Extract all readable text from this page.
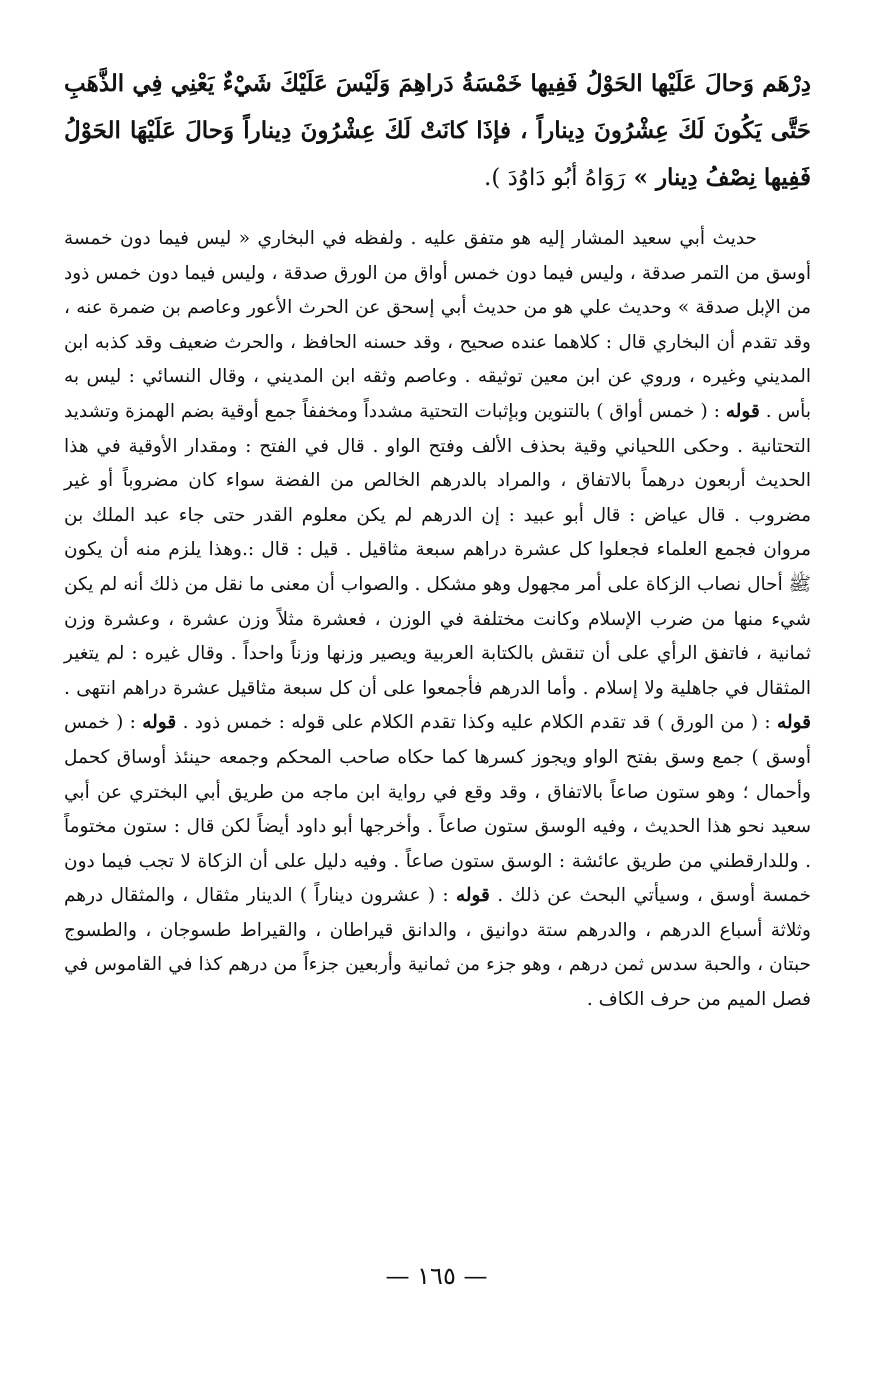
دِرْهَم وَحالَ عَلَيْها الحَوْلُ فَفِيها خَمْسَةُ دَراهِمَ وَلَيْسَ عَلَيْكَ شَيْءٌ يَعْنِي فِي الذَّهَبِ حَتَّى يَكُونَ لَكَ عِشْرُونَ دِيناراً ، فإذَا كانَتْ لَكَ عِشْرُونَ دِيناراً وَحالَ عَلَيْهَا الحَوْلُ فَفِيها نِصْفُ دِينار » رَوَاهُ أبُو دَاوُدَ ).

حديث أبي سعيد المشار إليه هو متفق عليه . ولفظه في البخاري « ليس فيما دون خمسة أوسق من التمر صدقة ، وليس فيما دون خمس أواق من الورق صدقة ، وليس فيما دون خمس ذود من الإبل صدقة » وحديث علي هو من حديث أبي إسحق عن الحرث الأعور وعاصم بن ضمرة عنه ، وقد تقدم أن البخاري قال : كلاهما عنده صحيح ، وقد حسنه الحافظ ، والحرث ضعيف وقد كذبه ابن المديني وغيره ، وروي عن ابن معين توثيقه . وعاصم وثقه ابن المديني ، وقال النسائي : ليس به بأس . قوله : ( خمس أواق ) بالتنوين وبإثبات التحتية مشدداً ومخففاً جمع أوقية بضم الهمزة وتشديد التحتانية . وحكى اللحياني وقية بحذف الألف وفتح الواو . قال في الفتح : ومقدار الأوقية في هذا الحديث أربعون درهماً بالاتفاق ، والمراد بالدرهم الخالص من الفضة سواء كان مضروباً أو غير مضروب . قال عياض : قال أبو عبيد : إن الدرهم لم يكن معلوم القدر حتى جاء عبد الملك بن مروان فجمع العلماء فجعلوا كل عشرة دراهم سبعة مثاقيل . قيل : قال :.وهذا يلزم منه أن يكون ﷺ أحال نصاب الزكاة على أمر مجهول وهو مشكل . والصواب أن معنى ما نقل من ذلك أنه لم يكن شيء منها من ضرب الإسلام وكانت مختلفة في الوزن ، فعشرة مثلاً وزن عشرة ، وعشرة وزن ثمانية ، فاتفق الرأي على أن تنقش بالكتابة العربية ويصير وزنها وزناً واحداً . وقال غيره : لم يتغير المثقال في جاهلية ولا إسلام . وأما الدرهم فأجمعوا على أن كل سبعة مثاقيل عشرة دراهم انتهى . قوله : ( من الورق ) قد تقدم الكلام عليه وكذا تقدم الكلام على قوله : خمس ذود . قوله : ( خمس أوسق ) جمع وسق بفتح الواو ويجوز كسرها كما حكاه صاحب المحكم وجمعه حينئذ أوساق كحمل وأحمال ؛ وهو ستون صاعاً بالاتفاق ، وقد وقع في رواية ابن ماجه من طريق أبي البختري عن أبي سعيد نحو هذا الحديث ، وفيه الوسق ستون صاعاً . وأخرجها أبو داود أيضاً لكن قال : ستون مختوماً . وللدارقطني من طريق عائشة : الوسق ستون صاعاً . وفيه دليل على أن الزكاة لا تجب فيما دون خمسة أوسق ، وسيأتي البحث عن ذلك . قوله : ( عشرون ديناراً ) الدينار مثقال ، والمثقال درهم وثلاثة أسباع الدرهم ، والدرهم ستة دوانيق ، والدانق قيراطان ، والقيراط طسوجان ، والطسوج حبتان ، والحبة سدس ثمن درهم ، وهو جزء من ثمانية وأربعين جزءاً من درهم كذا في القاموس في فصل الميم من حرف الكاف .

— ١٦٥ —
